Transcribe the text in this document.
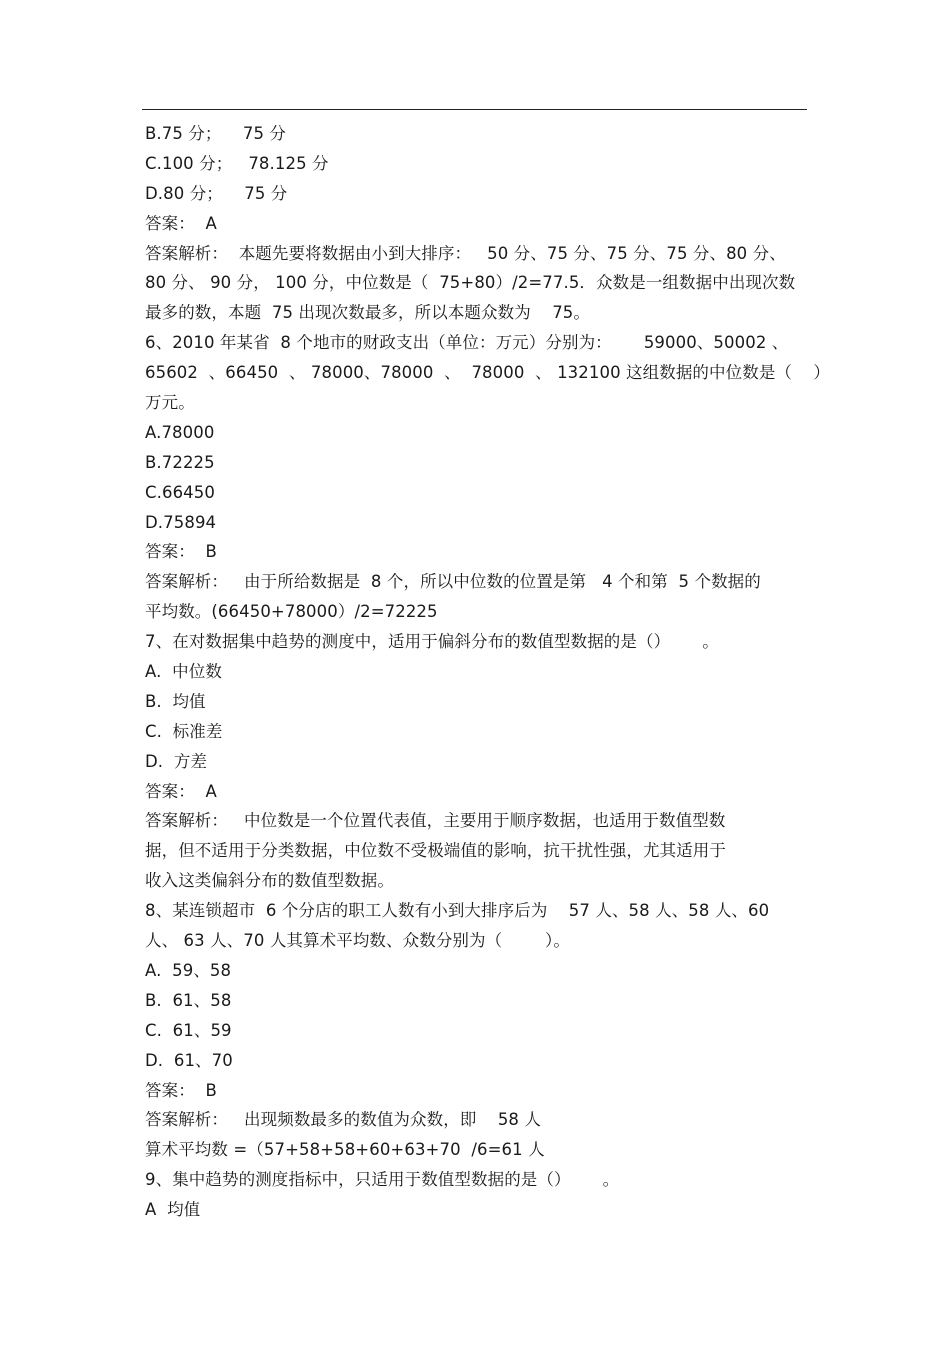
B.75 分；    75 分
C.100 分；   78.125 分
D.80 分；    75 分
答案：  A
答案解析：  本题先要将数据由小到大排序：   50 分、75 分、75 分、75 分、80 分、
80 分、 90 分， 100 分，中位数是（  75+80）/2=77.5．众数是一组数据中出现次数
最多的数，本题  75 出现次数最多，所以本题众数为    75。
6、2010 年某省  8 个地市的财政支出（单位：万元）分别为：      59000、50002 、
65602  、66450  、 78000、78000  、  78000  、 132100 这组数据的中位数是（    ）
万元。
A.78000
B.72225
C.66450
D.75894
答案：  B
答案解析：   由于所给数据是  8 个，所以中位数的位置是第   4 个和第  5 个数据的
平均数。(66450+78000）/2=72225
7、在对数据集中趋势的测度中，适用于偏斜分布的数值型数据的是（）      。
A.  中位数
B.  均值
C.  标准差
D.  方差
答案：  A
答案解析：   中位数是一个位置代表值，主要用于顺序数据，也适用于数值型数
据，但不适用于分类数据，中位数不受极端值的影响，抗干扰性强，尤其适用于
收入这类偏斜分布的数值型数据。
8、某连锁超市  6 个分店的职工人数有小到大排序后为    57 人、58 人、58 人、60
人、 63 人、70 人其算术平均数、众数分别为（        ）。
A.  59、58
B.  61、58
C.  61、59
D.  61、70
答案：  B
答案解析：   出现频数最多的数值为众数，即    58 人
算术平均数 =（57+58+58+60+63+70  /6=61 人
9、集中趋势的测度指标中，只适用于数值型数据的是（）      。
A  均值
